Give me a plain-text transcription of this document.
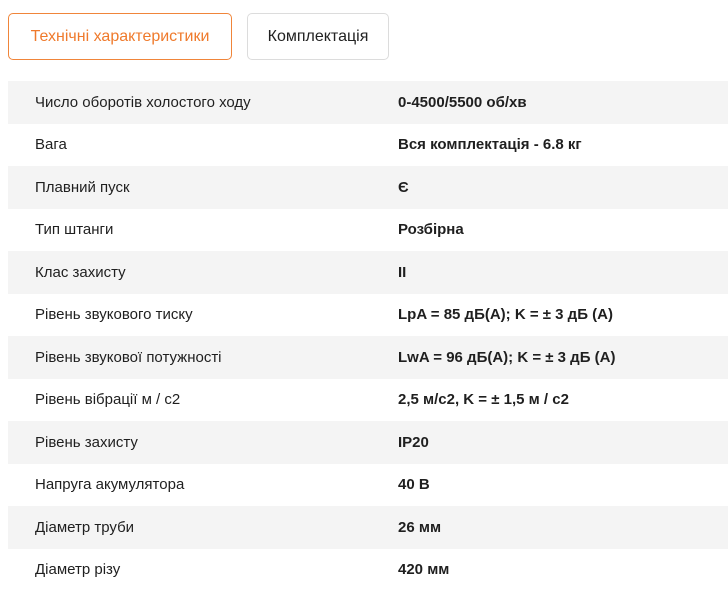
Технічні характеристики	Комплектація
Число оборотів холостого ходу	0-4500/5500 об/хв
Вага	Вся комплектація - 6.8 кг
Плавний пуск	Є
Тип штанги	Розбірна
Клас захисту	II
Рівень звукового тиску	LpA = 85 дБ(А); K = ± 3 дБ (А)
Рівень звукової потужності	LwA = 96 дБ(А); K = ± 3 дБ (А)
Рівень вібрації м / с2	2,5 м/с2, K = ± 1,5 м / с2
Рівень захисту	IP20
Напруга акумулятора	40 В
Діаметр труби	26 мм
Діаметр різу	420 мм
